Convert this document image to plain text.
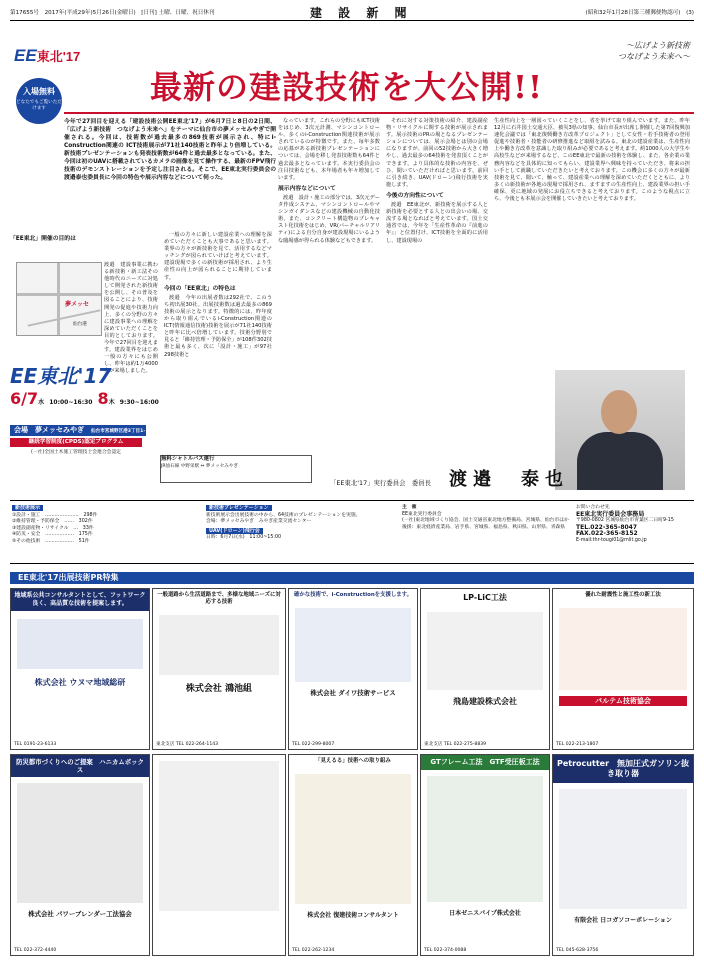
第17655号　2017年(平成29年)5月26日(金曜日)　[日刊] 土曜、日曜、祝日休刊	建 設 新 聞	(昭和32年1月28日第三種郵便物認可)　(3)
EE東北'17
入場無料
どなたでもご覧いただけます
最新の建設技術を大公開!!
～広げよう新技術
つなげよう未来へ～
今年で27回目を迎える「建設技術公開EE東北'17」が6月7日と8日の2日間、「広げよう新技術　つなげよう未来へ」をテーマに仙台市の夢メッセみやぎで開催される。今回は、技術数が過去最多の869技術が展示され、特にi-Construction関連の ICT技術展示が71社140技術と昨年より倍増している。新技術プレゼンテーションも発表技術数が64件と過去最多となっている。また、今回は初のUAVに搭載されているカメラの画像を見て操作する、最新のFPV飛行技術のデモンストレーションを予定し注目される。そこで、EE東北実行委員会の渡邉泰也委員長に今回の特色や展示内容などについて伺った。
「EE東北」開催の目的は
渡邉　建設事業に携わる新技術・新工法その他時代のニーズに対処して開発された新技術を公開し、その普及を図ることにより、技術開発の促進や技術力向上、多くの分野の方々に建設事業への理解を深めていただくことを目的としております。今年で27回目を迎えます。建設業界をはじめ一般の方々にも公開し、昨年は約1万4000人が来場しました。
夢メッセ
仙台港

一般の方々に新しい建設産業への理解を深めていただくことも大事であると思います。業界の方々が新技術を見て、活用するなどマッチングが図られていけばと考えています。建設現場で多くの新技術が採用され、より生産性の向上が図られることに期待しています。

今回の「EE東北」の特色は

渡邉　今年の出展者数は292社で、このうち初出展30社。出展技術数は過去最多の869技術の展示となります。特徴的には、昨年度から取り組んでいるi-Construction関連のICT(情報通信技術)技術を展示が71社140技術と昨年に比べ倍増しています。技術分野別で見ると「維持管理・予防保全」が108件302技術と最も多く、次に「設計・施工」が97社298技術と

なっています。これらの分野にもICT技術をはじめ、3次元計測、マシンコントロール、多くのi-Construction関連技術が展示されているのが特徴です。また、毎年多数の応募がある新技術プレゼンテーションについては、会場を移し発表技術数も64件と過去最多となっています。本実行委員会の注目技術なども、本年場者も年々増加しています。

展示内容などについて

渡邉　設計・施工の部分では、3次元データ作成システム、マシンコントロールやマシンガイダンスなどの建設機械の自動化技術、また、コンクリート構造物のプレキャスト化技術をはじめ、VR(バーチャルリアリティ)による自分自身が建設現場にいるような臨場感が得られる体験などもできます。

それに対する対策技術の紹介、建設副産物・リサイクルに関する技術が展示されます。展示技術のPRの場となるプレゼンテーションについては、展示会場とは別の会場になりますが、前回の52技術から大きく増やし、過去最多の64技術を発表頂くことができます。より具体的な技術の内容を、ぜひ、聞いていただければと思います。前回に引き続き、UAV(ドローン)飛行技術を実施します。

今後の方向性について

渡邉　EE東北が、新技術を展示する人と新技術を必要とする人との出会いの場、交流する場となればと考えています。国土交通省では、今年を「生産性革命の『前進の年』」と位置付け、ICT技術を全面的に活用し、建設現場の

生産性向上を一層図っていくことをし、省を挙げて取り組んでいます。また、昨年12月に石井国土交通大臣、被災3県の知事、仙台市長が出席し開催した第7回復興加速化会議では「東北復興働き方改革プロジェクト」として女性・若手技術者の登用促進や技術者・技能者の研修推進など取組を試みる。東北の建設産業は、生産性向上や働き方改革を意識した取り組みが必要であると考えます。約1000人の大学生や高校生などが来場するなど、このEE東北で最新の技術を体験し、また、各企業の業務内容などを具体的に知ってもらい、建設業界へ興味を持っていただき、将来の担い手として就職していただきたいと考えております。この機会に多くの方々が最新技術を見て、聞いて、触って、建設産業への理解を深めていただくとともに、より多くの新技術が各地の現場で採用され、ますますの生産性向上、建設業界の担い手確保、更に地域の発展にお役立ちできると考えております。このような視点に立ち、今後とも本展示会を開催していきたいと考えております。
「EE東北'17」実行委員会　委員長 渡邉　泰也
EE東北'17
6/7水 10:00~16:30 8木 9:30~16:00
会場　 夢メッセみやぎ　 仙台市宮城野区港3丁目1-
継続学習制度(CPDS)認定プログラム
(一社)全国土木施工管理技士会連合会認定
無料シャトルバス運行
JR仙石線 中野栄駅 ⇔ 夢メッセみやぎ
新技術展示
①設計・施工　…………………　298件
②維持管理・予防保全　……　302件
③建設副産物・リサイクル　…　33件
④防災・安全　………………　175件
⑤その他技術　………………　51件
新技術プレゼンテーション
新技術展示会出展技術の中から、64技術のプレゼンテーションを実施。
会場：夢メッセみやぎ　みやぎ産業交流センター
UAV(ドローン)飛行会
日時：6月7日(水)　11:00~15:00
主　催
EE東北実行委員会
(一社)東北地域づくり協会、国土交通省東北地方整備局、宮城県、仙台市ほか
後援：東北経済産業局、岩手県、宮城県、福島県、秋田県、山形県、青森県
お問い合わせ先
EE東北実行委員会事務局
〒980-0802 宮城県仙台市青葉区二日町9-15
TEL.022-365-8047
FAX.022-365-8152
E-mail:thr-tougi01@mlit.go.jp
EE東北'17出展技術PR特集
地域系公共コンサルタントとして、フットワーク良く、高品質な技術を提案します。
株式会社 ウヌマ地域総研
TEL 0191-23-6133
一般道路から生活道路まで、多様な地域ニーズに対応する技術
株式会社 鴻池組
東北支店 TEL 022-264-1143
確かな技術で、i-Constructionを支援します。
株式会社 ダイワ技術サービス
TEL 022-299-8007
LP-LiC工法
飛島建設株式会社
東北支店 TEL 022-275-8839
優れた耐震性と施工性の新工法
バルテム技術協会
TEL 022-213-1807
防災都市づくりへのご提案　ハニカムボックス
株式会社 パワーブレンダー工法協会
TEL 022-372-4440
「見えるる」技術への取り組み
株式会社 復建技術コンサルタント
TEL 022-262-1234
GTフレーム工法　GTF受圧板工法
日本ゼニスパイプ株式会社
TEL 022-374-0088
Petrocutter　無加圧式ガソリン抜き取り器
有限会社 日コガソコーポレーション
TEL 045-628-3756
